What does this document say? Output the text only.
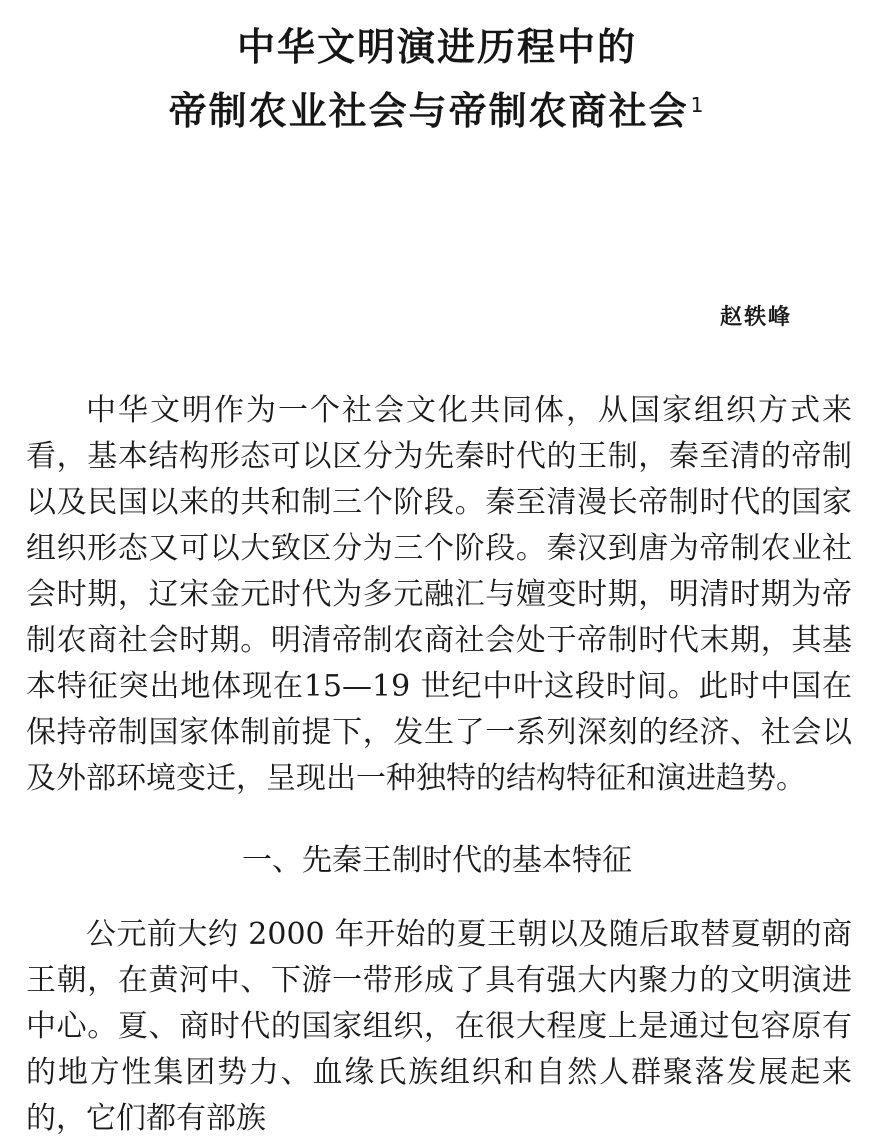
中华文明演进历程中的
帝制农业社会与帝制农商社会 $^1$
赵轶峰

中华文明作为一个社会文化共同体，从国家组织方式来看，基本结构形态可以区分为先秦时代的王制，秦至清的帝制以及民国以来的共和制三个阶段。秦至清漫长帝制时代的国家组织形态又可以大致区分为三个阶段。秦汉到唐为帝制农业社会时期，辽宋金元时代为多元融汇与嬗变时期，明清时期为帝制农商社会时期。明清帝制农商社会处于帝制时代末期，其基本特征突出地体现在15—19 世纪中叶这段时间。此时中国在保持帝制国家体制前提下，发生了一系列深刻的经济、社会以及外部环境变迁，呈现出一种独特的结构特征和演进趋势。

一、先秦王制时代的基本特征

公元前大约 2000 年开始的夏王朝以及随后取替夏朝的商王朝，在黄河中、下游一带形成了具有强大内聚力的文明演进中心。夏、商时代的国家组织，在很大程度上是通过包容原有的地方性集团势力、血缘氏族组织和自然人群聚落发展起来的，它们都有部族
